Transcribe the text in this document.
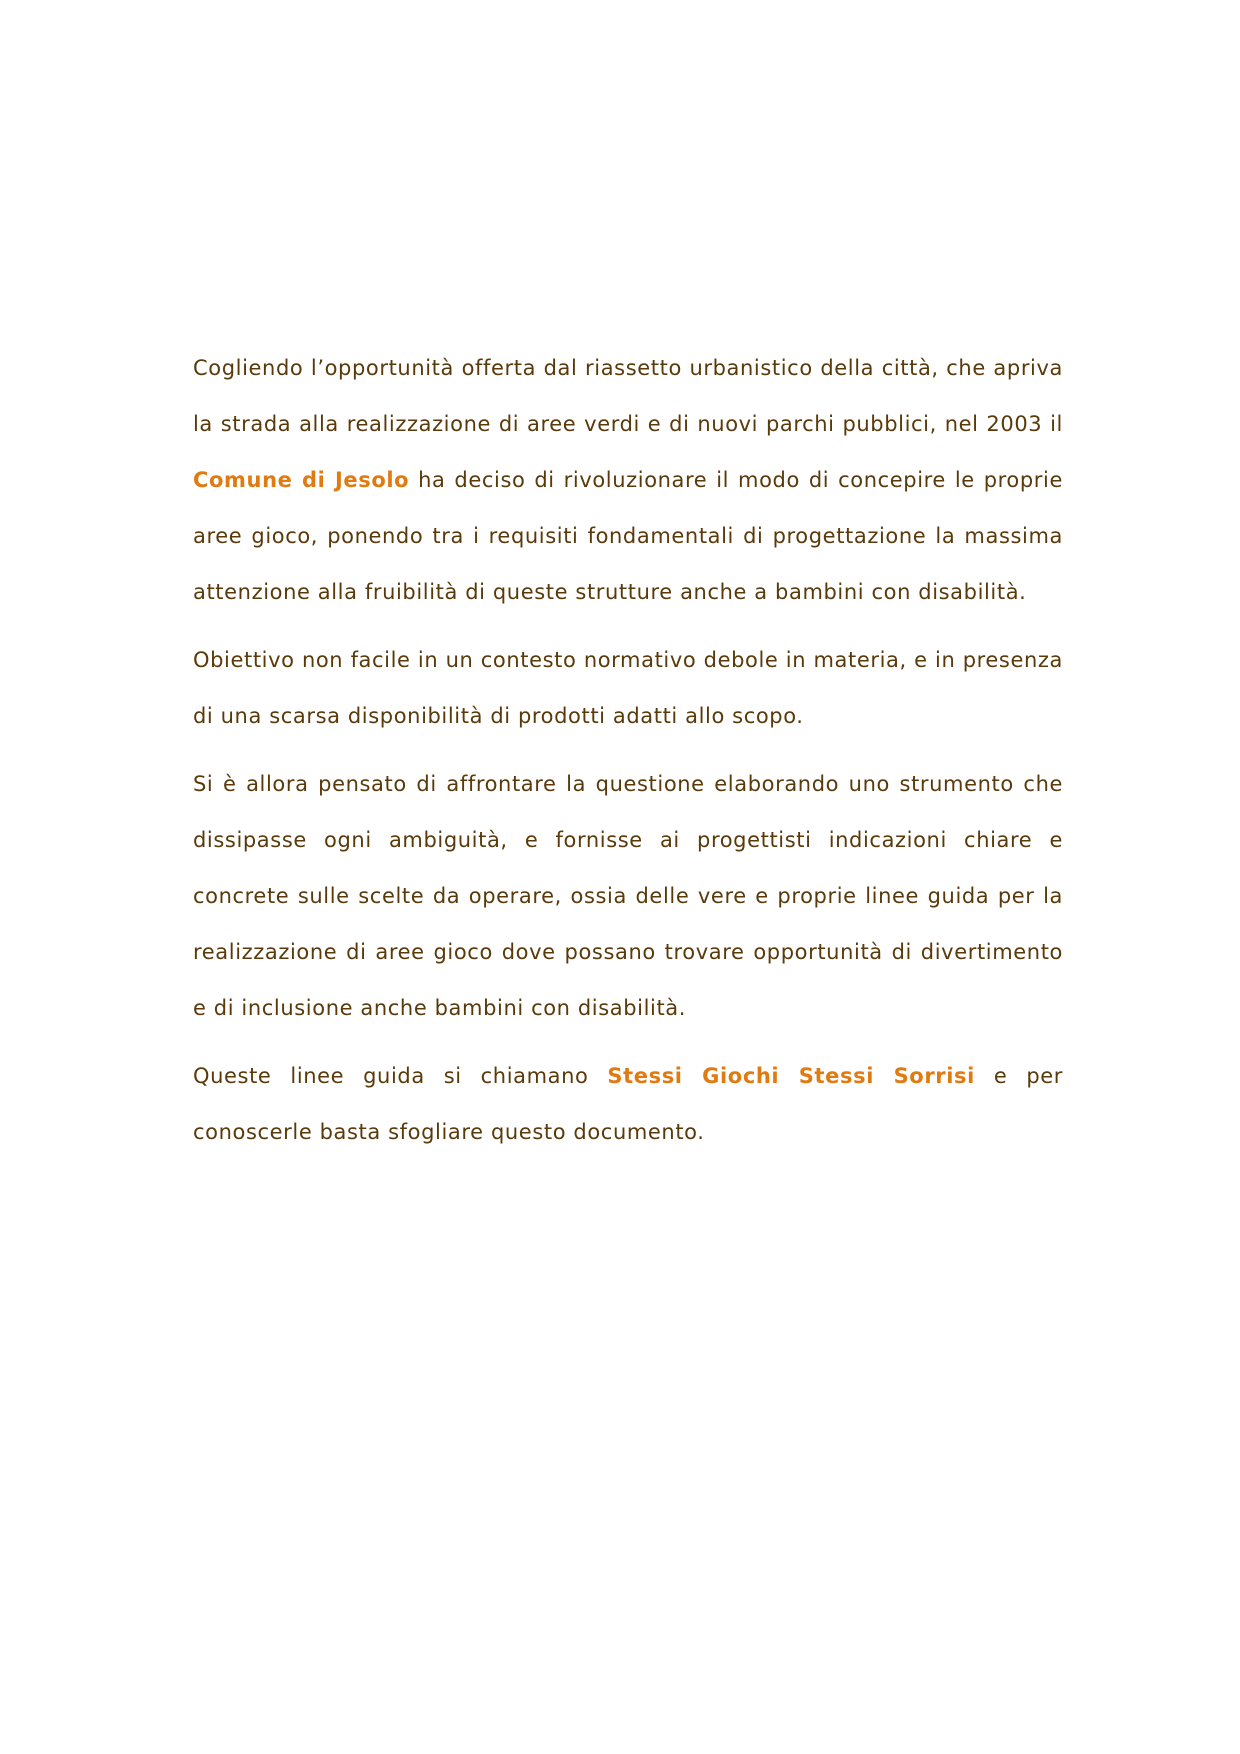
Cogliendo l’opportunità offerta dal riassetto urbanistico della città, che apriva la strada alla realizzazione di aree verdi e di nuovi parchi pubblici, nel 2003 il Comune di Jesolo ha deciso di rivoluzionare il modo di concepire le proprie aree gioco, ponendo tra i requisiti fondamentali di progettazione la massima attenzione alla fruibilità di queste strutture anche a bambini con disabilità.

Obiettivo non facile in un contesto normativo debole in materia, e in presenza di una scarsa disponibilità di prodotti adatti allo scopo.

Si è allora pensato di affrontare la questione elaborando uno strumento che dissipasse ogni ambiguità, e fornisse ai progettisti indicazioni chiare e concrete sulle scelte da operare, ossia delle vere e proprie linee guida per la realizzazione di aree gioco dove possano trovare opportunità di divertimento e di inclusione anche bambini con disabilità.

Queste linee guida si chiamano Stessi Giochi Stessi Sorrisi e per conoscerle basta sfogliare questo documento.
